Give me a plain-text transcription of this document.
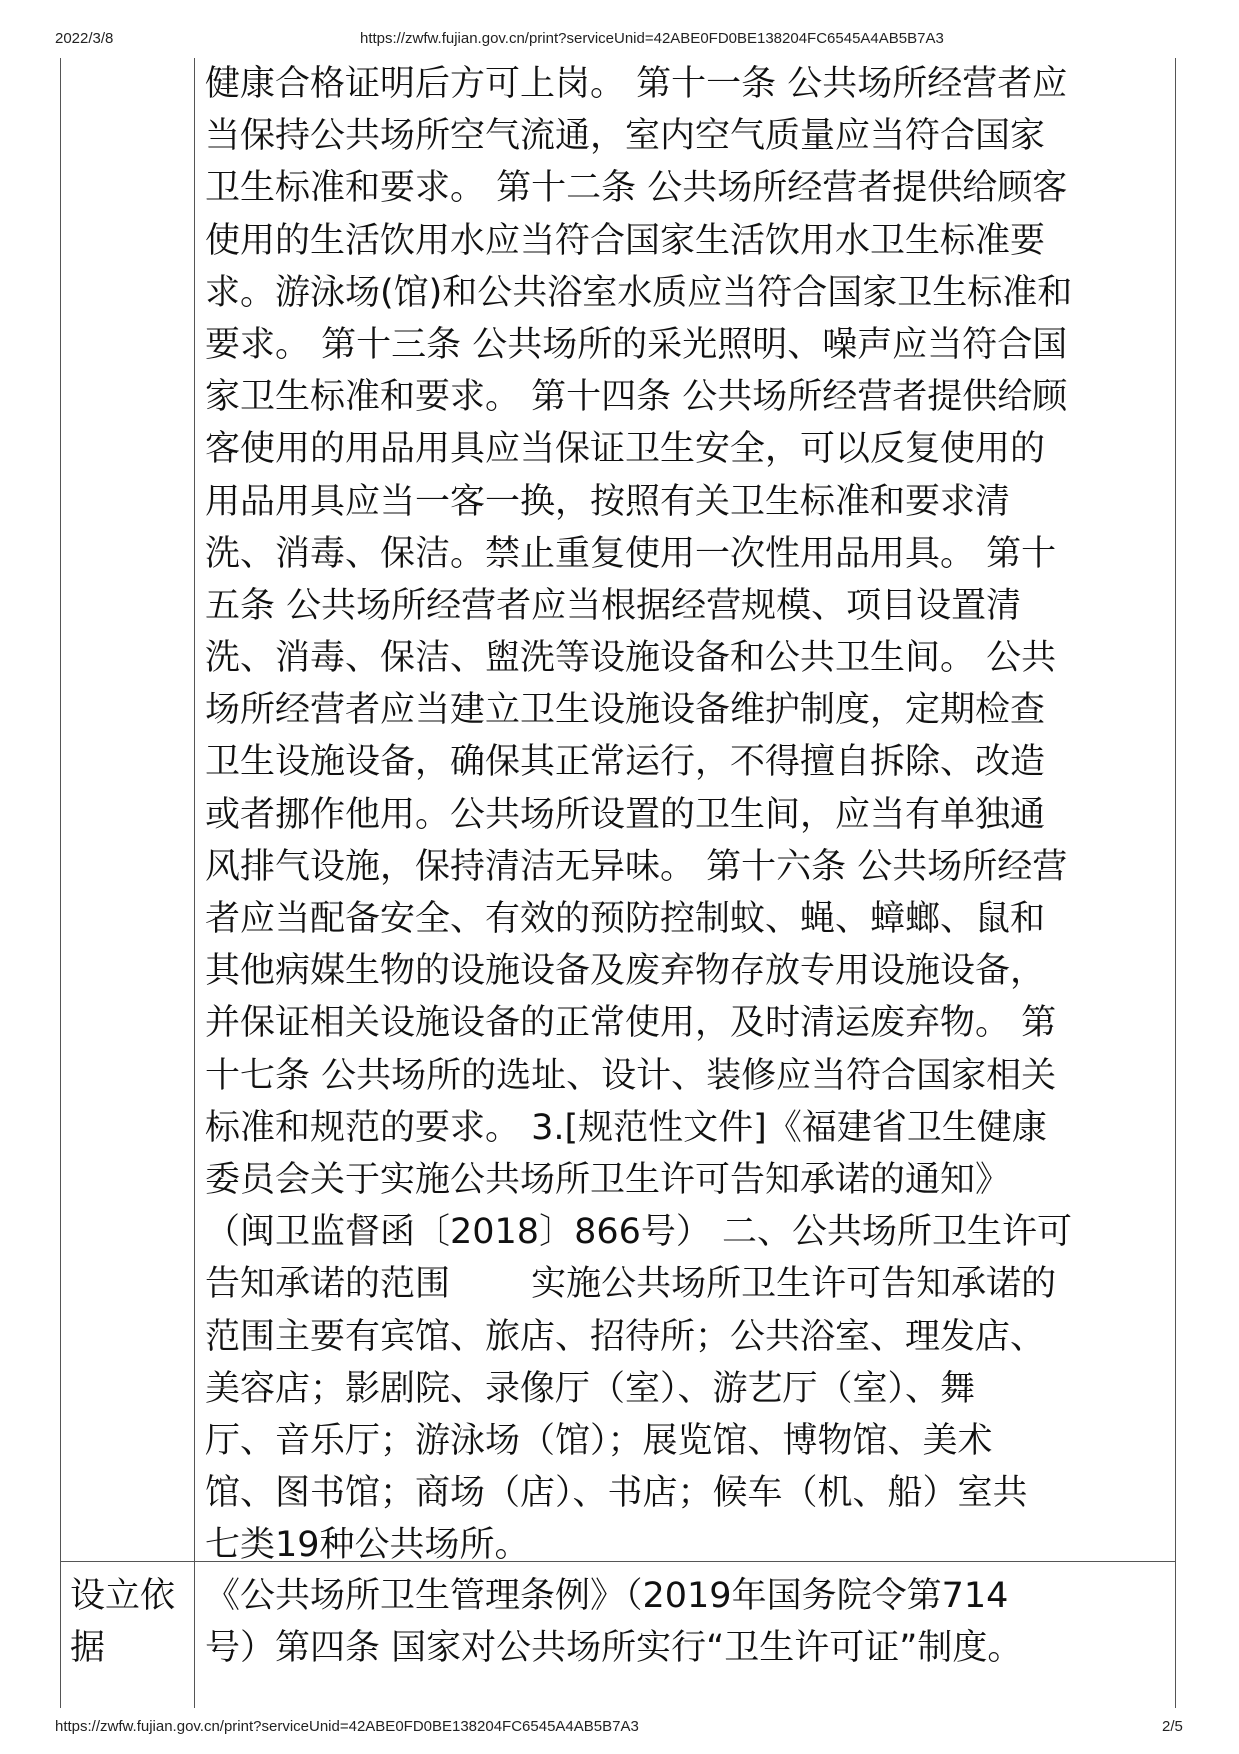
2022/3/8	https://zwfw.fujian.gov.cn/print?serviceUnid=42ABE0FD0BE138204FC6545A4AB5B7A3
健康合格证明后方可上岗。 第十一条 公共场所经营者应
当保持公共场所空气流通，室内空气质量应当符合国家
卫生标准和要求。 第十二条 公共场所经营者提供给顾客
使用的生活饮用水应当符合国家生活饮用水卫生标准要
求。游泳场(馆)和公共浴室水质应当符合国家卫生标准和
要求。 第十三条 公共场所的采光照明、噪声应当符合国
家卫生标准和要求。 第十四条 公共场所经营者提供给顾
客使用的用品用具应当保证卫生安全，可以反复使用的
用品用具应当一客一换，按照有关卫生标准和要求清
洗、消毒、保洁。禁止重复使用一次性用品用具。 第十
五条 公共场所经营者应当根据经营规模、项目设置清
洗、消毒、保洁、盥洗等设施设备和公共卫生间。 公共
场所经营者应当建立卫生设施设备维护制度，定期检查
卫生设施设备，确保其正常运行，不得擅自拆除、改造
或者挪作他用。公共场所设置的卫生间，应当有单独通
风排气设施，保持清洁无异味。 第十六条 公共场所经营
者应当配备安全、有效的预防控制蚊、蝇、蟑螂、鼠和
其他病媒生物的设施设备及废弃物存放专用设施设备，
并保证相关设施设备的正常使用，及时清运废弃物。 第
十七条 公共场所的选址、设计、装修应当符合国家相关
标准和规范的要求。 3.[规范性文件]《福建省卫生健康
委员会关于实施公共场所卫生许可告知承诺的通知》
（闽卫监督函〔2018〕866号） 二、公共场所卫生许可
告知承诺的范围　　 实施公共场所卫生许可告知承诺的
范围主要有宾馆、旅店、招待所；公共浴室、理发店、
美容店；影剧院、录像厅（室）、游艺厅（室）、舞
厅、音乐厅；游泳场（馆）；展览馆、博物馆、美术
馆、图书馆；商场（店）、书店；候车（机、船）室共
七类19种公共场所。
设立依
据
《公共场所卫生管理条例》（2019年国务院令第714
号）第四条 国家对公共场所实行“卫生许可证”制度。
https://zwfw.fujian.gov.cn/print?serviceUnid=42ABE0FD0BE138204FC6545A4AB5B7A3	2/5
